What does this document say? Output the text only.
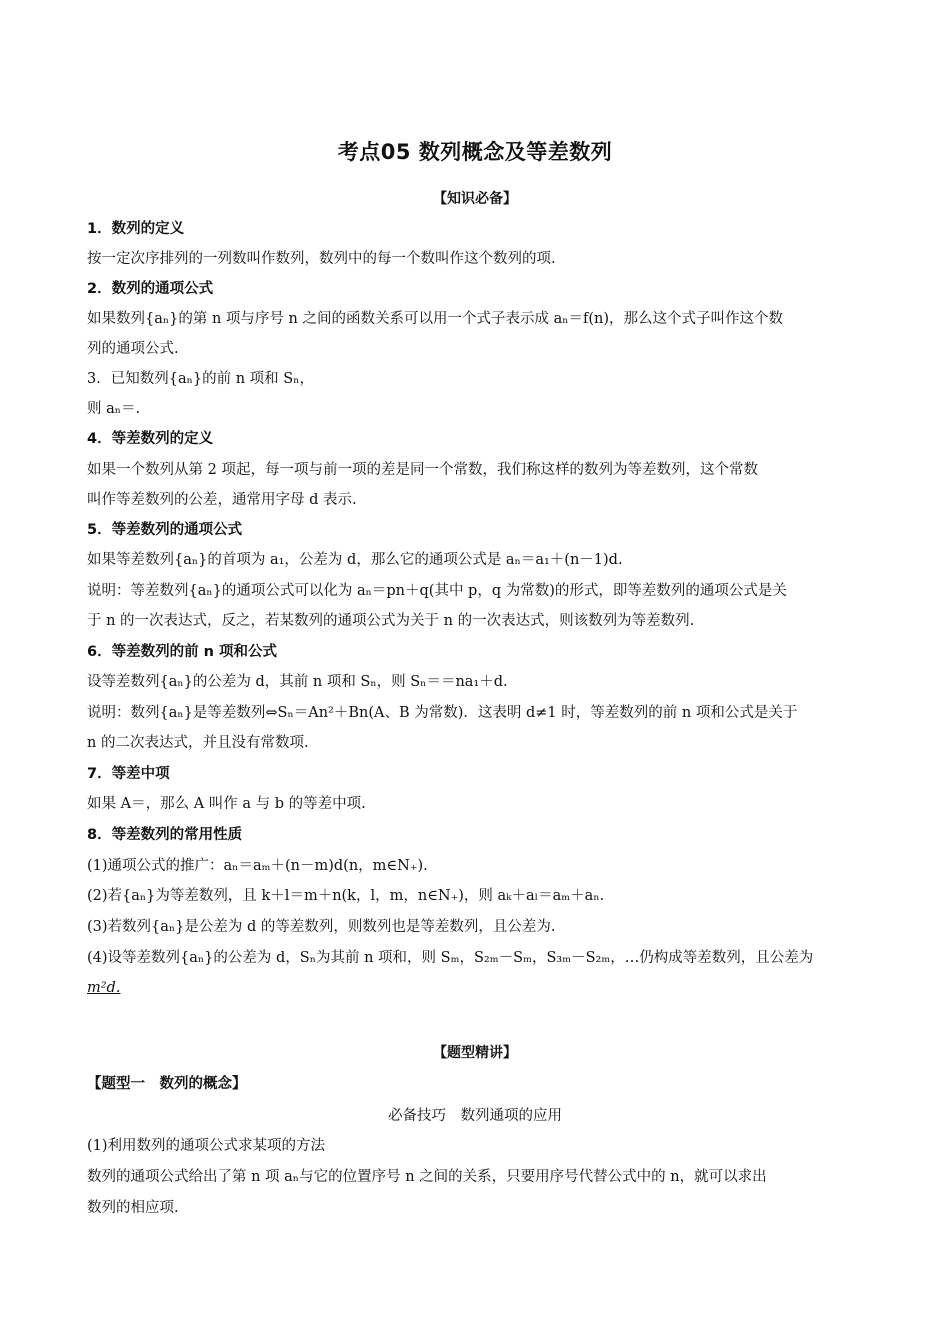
考点05 数列概念及等差数列
【知识必备】
1．数列的定义
按一定次序排列的一列数叫作数列，数列中的每一个数叫作这个数列的项.
2．数列的通项公式
如果数列{aₙ}的第 n 项与序号 n 之间的函数关系可以用一个式子表示成 aₙ＝f(n)，那么这个式子叫作这个数
列的通项公式.
3．已知数列{aₙ}的前 n 项和 Sₙ，
则 aₙ＝.
4．等差数列的定义
如果一个数列从第 2 项起，每一项与前一项的差是同一个常数，我们称这样的数列为等差数列，这个常数
叫作等差数列的公差，通常用字母 d 表示.
5．等差数列的通项公式
如果等差数列{aₙ}的首项为 a₁，公差为 d，那么它的通项公式是 aₙ＝a₁＋(n－1)d.
说明：等差数列{aₙ}的通项公式可以化为 aₙ＝pn＋q(其中 p，q 为常数)的形式，即等差数列的通项公式是关
于 n 的一次表达式，反之，若某数列的通项公式为关于 n 的一次表达式，则该数列为等差数列.
6．等差数列的前 n 项和公式
设等差数列{aₙ}的公差为 d，其前 n 项和 Sₙ，则 Sₙ＝＝na₁＋d.
说明：数列{aₙ}是等差数列⇔Sₙ＝An²＋Bn(A、B 为常数)．这表明 d≠1 时，等差数列的前 n 项和公式是关于
n 的二次表达式，并且没有常数项.
7．等差中项
如果 A＝，那么 A 叫作 a 与 b 的等差中项.
8．等差数列的常用性质
(1)通项公式的推广：aₙ＝aₘ＋(n－m)d(n，m∈N₊).
(2)若{aₙ}为等差数列，且 k＋l＝m＋n(k，l，m，n∈N₊)，则 aₖ＋aₗ＝aₘ＋aₙ.
(3)若数列{aₙ}是公差为 d 的等差数列，则数列也是等差数列，且公差为.
(4)设等差数列{aₙ}的公差为 d，Sₙ为其前 n 项和，则 Sₘ，S₂ₘ－Sₘ，S₃ₘ－S₂ₘ，…仍构成等差数列，且公差为
m²d.
【题型精讲】
【题型一　数列的概念】
必备技巧　数列通项的应用
(1)利用数列的通项公式求某项的方法
数列的通项公式给出了第 n 项 aₙ与它的位置序号 n 之间的关系，只要用序号代替公式中的 n，就可以求出
数列的相应项.
